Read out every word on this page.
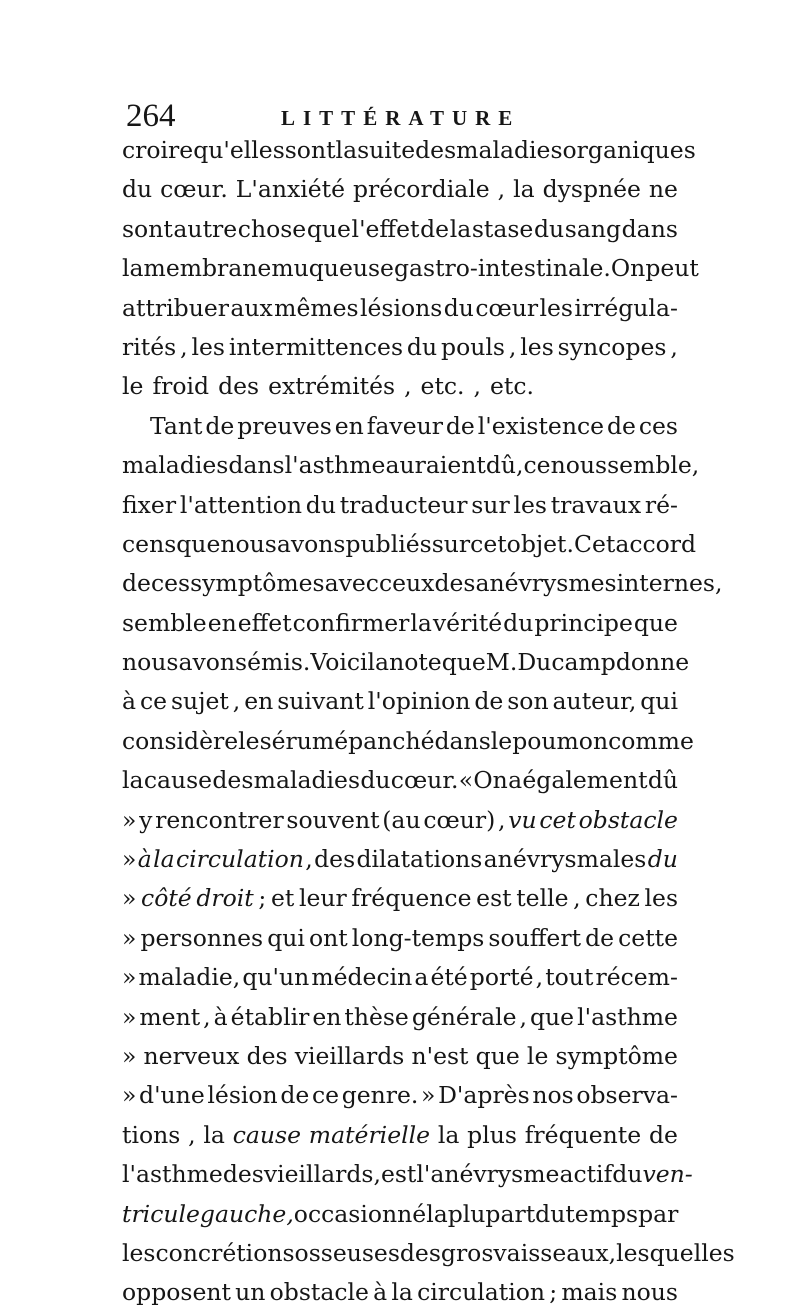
264	LITTÉRATURE
croire qu'elles sont la suite des maladies organiques
du cœur. L'anxiété précordiale , la dyspnée ne
sont autre chose que l'effet de la stase du sang dans
la membrane muqueuse gastro-intestinale. On peut
attribuer aux mêmes lésions du cœur les irrégula-
rités , les intermittences du pouls , les syncopes ,
le froid des extrémités , etc. , etc.
Tant de preuves en faveur de l'existence de ces
maladies dans l'asthme auraient dû , ce nous semble ,
fixer l'attention du traducteur sur les travaux ré-
cens que nous avons publiés sur cet objet. Cet accord
de ces symptômes avec ceux des anévrysmes internes ,
semble en effet confirmer la vérité du principe que
nous avons émis. Voici la note que M. Ducamp donne
à ce sujet , en suivant l'opinion de son auteur, qui
considère le sérum épanché dans le poumon comme
la cause des maladies du cœur. « On a également dû
» y rencontrer souvent (au cœur) , vu cet obstacle
» à la circulation , des dilatations anévrysmales du
» côté droit ; et leur fréquence est telle , chez les
» personnes qui ont long-temps souffert de cette
» maladie, qu'un médecin a été porté , tout récem-
» ment , à établir en thèse générale , que l'asthme
» nerveux des vieillards n'est que le symptôme
» d'une lésion de ce genre. » D'après nos observa-
tions , la cause matérielle la plus fréquente de
l'asthme des vieillards , est l'anévrysme actif du ven-
tricule gauche, occasionné la plupart du temps par
les concrétions osseuses des gros vaisseaux , lesquelles
opposent un obstacle à la circulation ; mais nous
